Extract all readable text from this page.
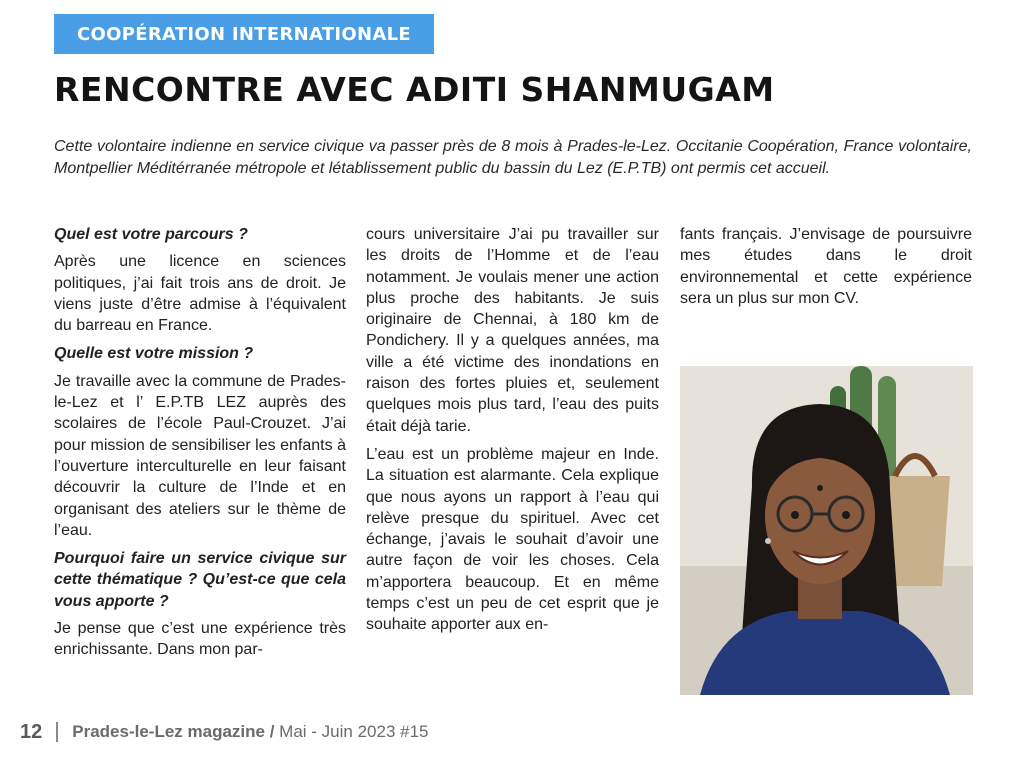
COOPÉRATION INTERNATIONALE
RENCONTRE AVEC ADITI SHANMUGAM

Cette volontaire indienne en service civique va passer près de 8 mois à Prades-le-Lez. Occitanie Coopération, France volontaire, Montpellier Méditérranée métropole et létablissement public du bassin du Lez (E.P.TB) ont permis cet accueil.

Quel est votre parcours ?

Après une licence en sciences politiques, j’ai fait trois ans de droit. Je viens juste d’être admise à l’équivalent du barreau en France.

Quelle est votre mission ?

Je travaille avec la commune de Prades-le-Lez et l’ E.P.TB LEZ auprès des scolaires de l’école Paul-Crouzet. J’ai pour mission de sensibiliser les enfants à l’ouverture interculturelle en leur faisant découvrir la culture de l’Inde et en organisant des ateliers sur le thème de l’eau.

Pourquoi faire un service civique sur cette thématique ? Qu’est-ce que cela vous apporte ?

Je pense que c’est une expérience très enrichissante. Dans mon par-

cours universitaire J’ai pu travailler sur les droits de l’Homme et de l’eau notamment. Je voulais mener une action plus proche des habitants. Je suis originaire de Chennai, à 180 km de Pondichery. Il y a quelques années, ma ville a été victime des inondations en raison des fortes pluies et, seulement quelques mois plus tard, l’eau des puits était déjà tarie.

L’eau est un problème majeur en Inde. La situation est alarmante. Cela explique que nous ayons un rapport à l’eau qui relève presque du spirituel. Avec cet échange, j’avais le souhait d’avoir une autre façon de voir les choses. Cela m’apportera beaucoup. Et en même temps c’est un peu de cet esprit que je souhaite apporter aux en-

fants français. J’envisage de poursuivre mes études dans le droit environnemental et cette expérience sera un plus sur mon CV.

12 Prades-le-Lez magazine / Mai - Juin 2023 #15
